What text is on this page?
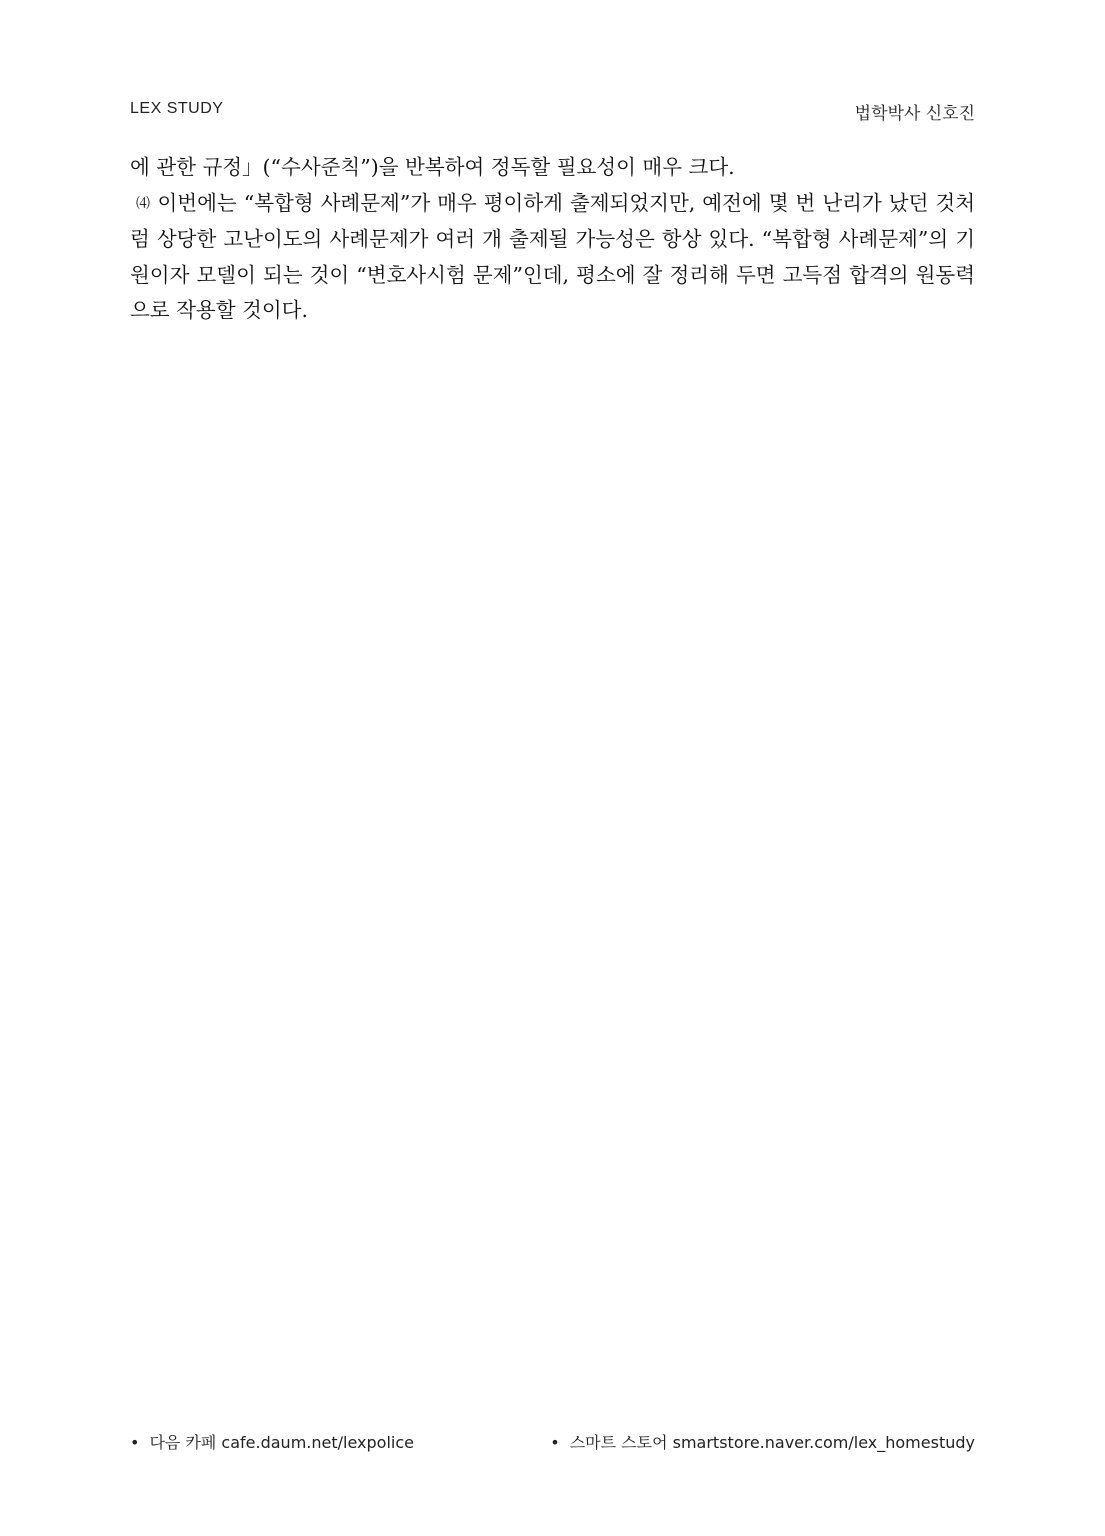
LEX STUDY	법학박사 신호진

에 관한 규정」(“수사준칙”)을 반복하여 정독할 필요성이 매우 크다.

⑷ 이번에는 “복합형 사례문제”가 매우 평이하게 출제되었지만, 예전에 몇 번 난리가 났던 것처럼 상당한 고난이도의 사례문제가 여러 개 출제될 가능성은 항상 있다. “복합형 사례문제”의 기원이자 모델이 되는 것이 “변호사시험 문제”인데, 평소에 잘 정리해 두면 고득점 합격의 원동력으로 작용할 것이다.

• 다음 카페 cafe.daum.net/lexpolice	• 스마트 스토어 smartstore.naver.com/lex_homestudy
